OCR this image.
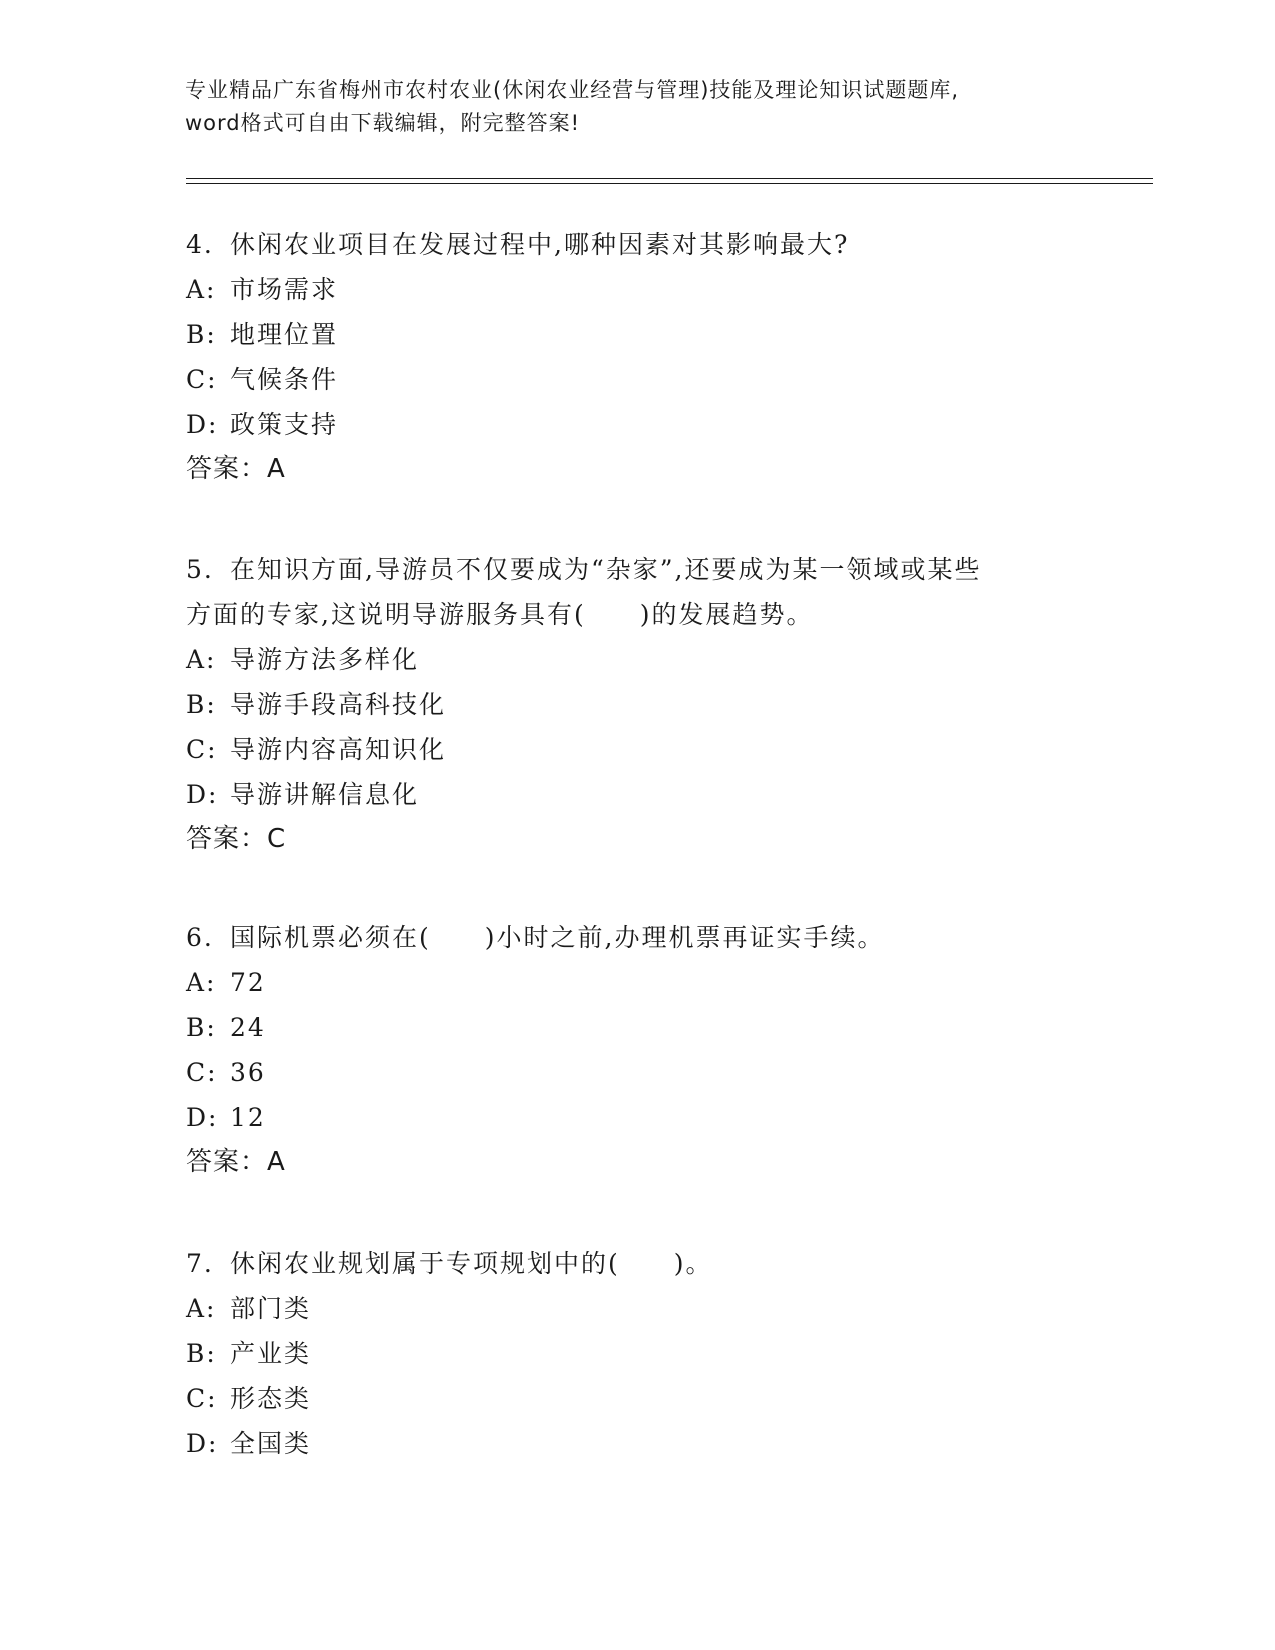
专业精品广东省梅州市农村农业(休闲农业经营与管理)技能及理论知识试题题库,
word格式可自由下载编辑，附完整答案!
4. 休闲农业项目在发展过程中,哪种因素对其影响最大?
A: 市场需求
B: 地理位置
C: 气候条件
D: 政策支持
答案：A
5. 在知识方面,导游员不仅要成为“杂家”,还要成为某一领域或某些
方面的专家,这说明导游服务具有(　　)的发展趋势。
A: 导游方法多样化
B: 导游手段高科技化
C: 导游内容高知识化
D: 导游讲解信息化
答案：C
6. 国际机票必须在(　　)小时之前,办理机票再证实手续。
A: 72
B: 24
C: 36
D: 12
答案：A
7. 休闲农业规划属于专项规划中的(　　)。
A: 部门类
B: 产业类
C: 形态类
D: 全国类
